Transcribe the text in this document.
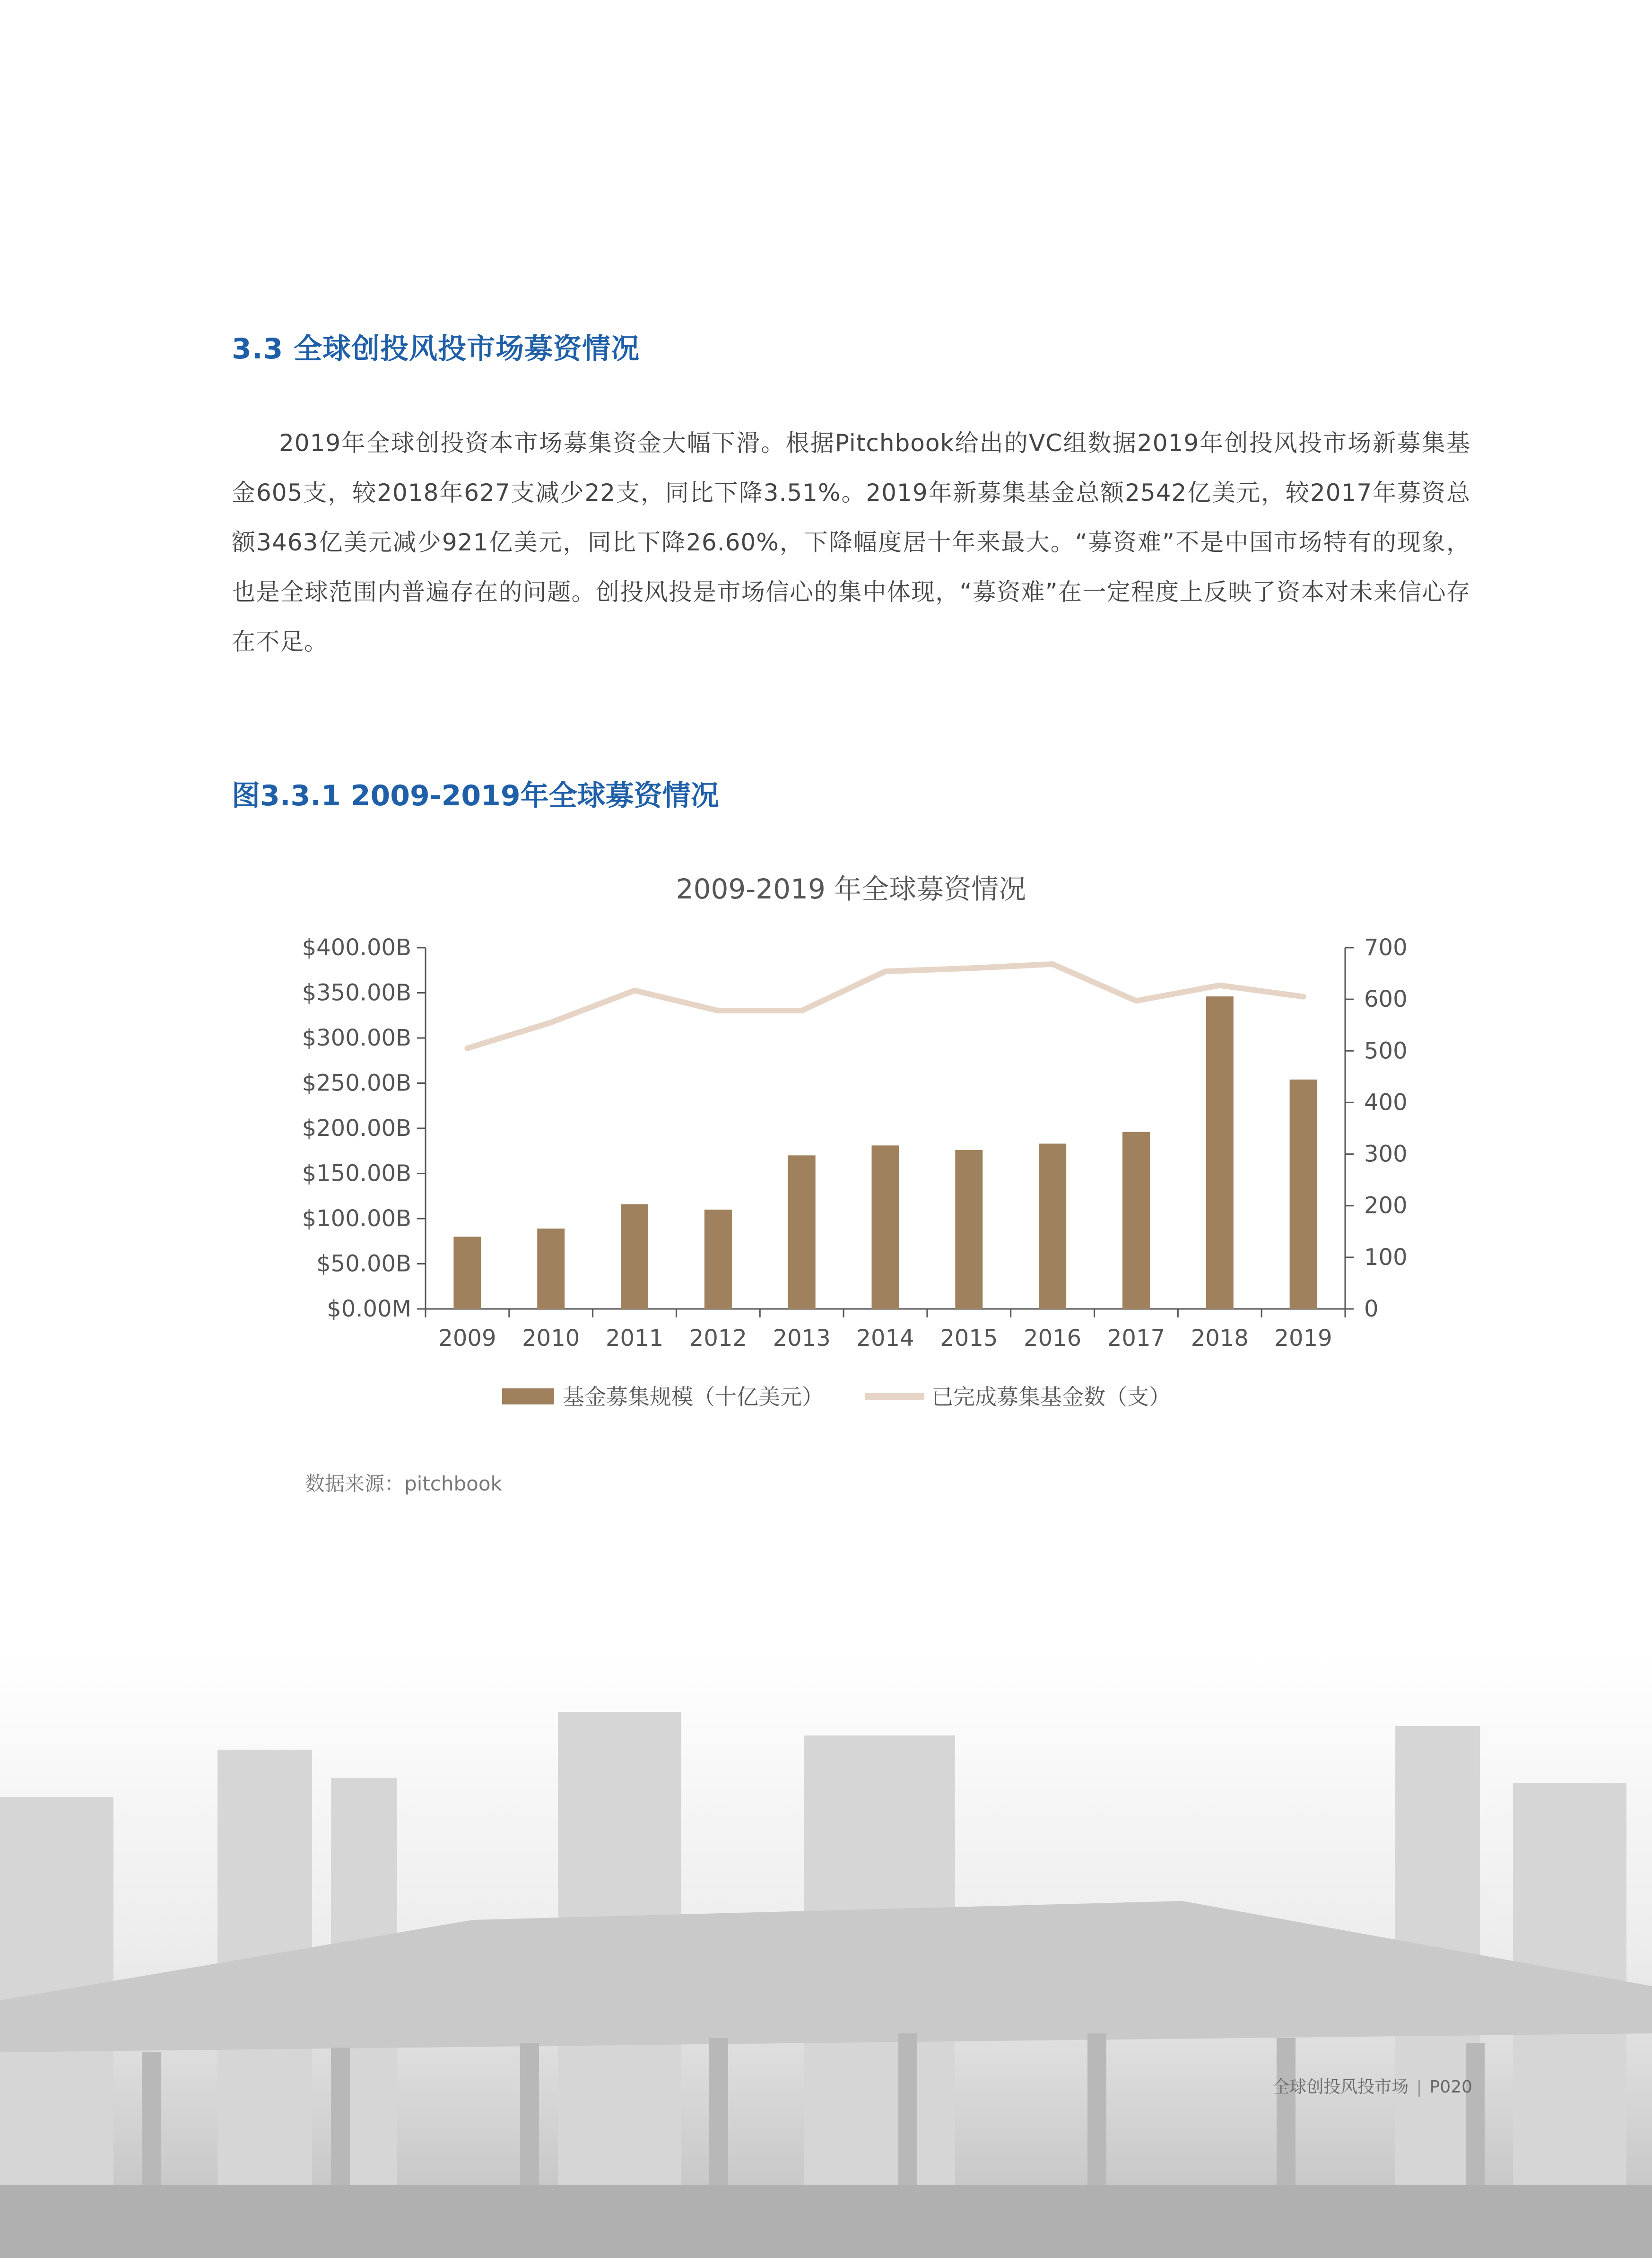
3.3 全球创投风投市场募资情况

2019年全球创投资本市场募集资金大幅下滑。根据Pitchbook给出的VC组数据2019年创投风投市场新募集基金605支，较2018年627支减少22支，同比下降3.51%。2019年新募集基金总额2542亿美元，较2017年募资总额3463亿美元减少921亿美元，同比下降26.60%，下降幅度居十年来最大。“募资难”不是中国市场特有的现象，也是全球范围内普遍存在的问题。创投风投是市场信心的集中体现，“募资难”在一定程度上反映了资本对未来信心存在不足。

图3.3.1 2009-2019年全球募资情况
2009-2019 年全球募资情况
$0.00M
$50.00B
$100.00B
$150.00B
$200.00B
$250.00B
$300.00B
$350.00B
$400.00B
0
100
200
300
400
500
600
700
2009 2010 2011 2012 2013 2014 2015 2016 2017 2018 2019
基金募集规模（十亿美元）	已完成募集基金数（支）
数据来源：pitchbook
全球创投风投市场 | P020
